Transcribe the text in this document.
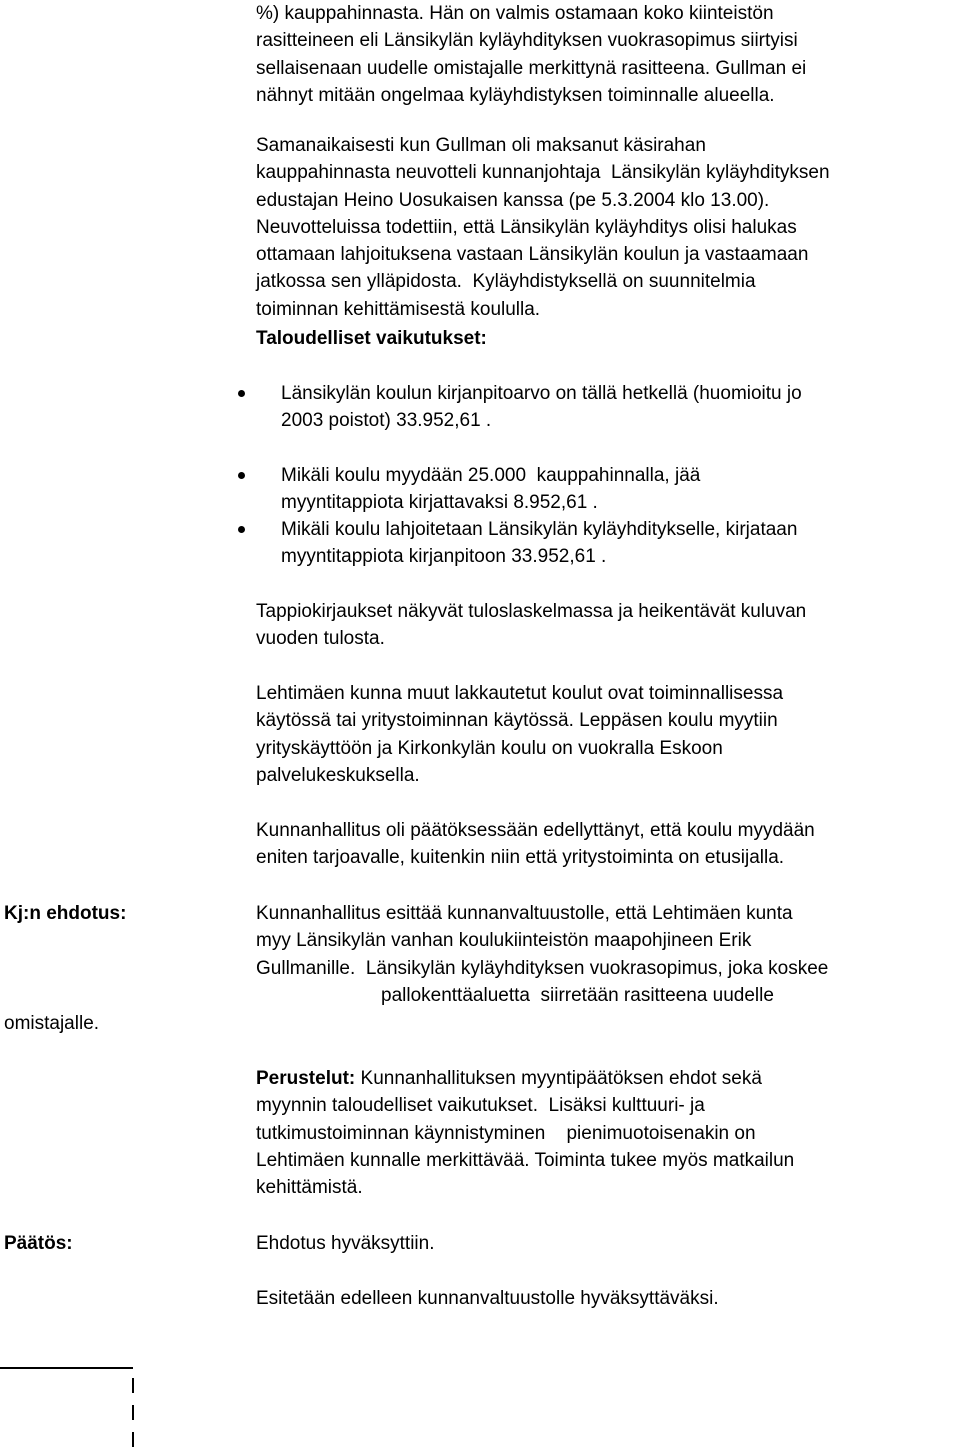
%) kauppahinnasta. Hän on valmis ostamaan koko kiinteistön
rasitteineen eli Länsikylän kyläyhdityksen vuokrasopimus siirtyisi
sellaisenaan uudelle omistajalle merkittynä rasitteena. Gullman ei
nähnyt mitään ongelmaa kyläyhdistyksen toiminnalle alueella.

Samanaikaisesti kun Gullman oli maksanut käsirahan
kauppahinnasta neuvotteli kunnanjohtaja  Länsikylän kyläyhdityksen
edustajan Heino Uosukaisen kanssa (pe 5.3.2004 klo 13.00).
Neuvotteluissa todettiin, että Länsikylän kyläyhditys olisi halukas
ottamaan lahjoituksena vastaan Länsikylän koulun ja vastaamaan
jatkossa sen ylläpidosta.  Kyläyhdistyksellä on suunnitelmia
toiminnan kehittämisestä koululla.

Taloudelliset vaikutukset:

Länsikylän koulun kirjanpitoarvo on tällä hetkellä (huomioitu jo
2003 poistot) 33.952,61 .
Mikäli koulu myydään 25.000  kauppahinnalla, jää
myyntitappiota kirjattavaksi 8.952,61 .
Mikäli koulu lahjoitetaan Länsikylän kyläyhditykselle, kirjataan
myyntitappiota kirjanpitoon 33.952,61 .

Tappiokirjaukset näkyvät tuloslaskelmassa ja heikentävät kuluvan
vuoden tulosta.

Lehtimäen kunna muut lakkautetut koulut ovat toiminnallisessa
käytössä tai yritystoiminnan käytössä. Leppäsen koulu myytiin
yrityskäyttöön ja Kirkonkylän koulu on vuokralla Eskoon
palvelukeskuksella.

Kunnanhallitus oli päätöksessään edellyttänyt, että koulu myydään
eniten tarjoavalle, kuitenkin niin että yritystoiminta on etusijalla.

Kj:n ehdotus:	Kunnanhallitus esittää kunnanvaltuustolle, että Lehtimäen kunta
myy Länsikylän vanhan koulukiinteistön maapohjineen Erik
Gullmanille.  Länsikylän kyläyhdityksen vuokrasopimus, joka koskee

pallokenttäaluetta  siirretään rasitteena uudelle

omistajalle.

Perustelut: Kunnanhallituksen myyntipäätöksen ehdot sekä
myynnin taloudelliset vaikutukset.  Lisäksi kulttuuri- ja
tutkimustoiminnan käynnistyminen    pienimuotoisenakin on
Lehtimäen kunnalle merkittävää. Toiminta tukee myös matkailun
kehittämistä.

Päätös:	Ehdotus hyväksyttiin.

Esitetään edelleen kunnanvaltuustolle hyväksyttäväksi.
